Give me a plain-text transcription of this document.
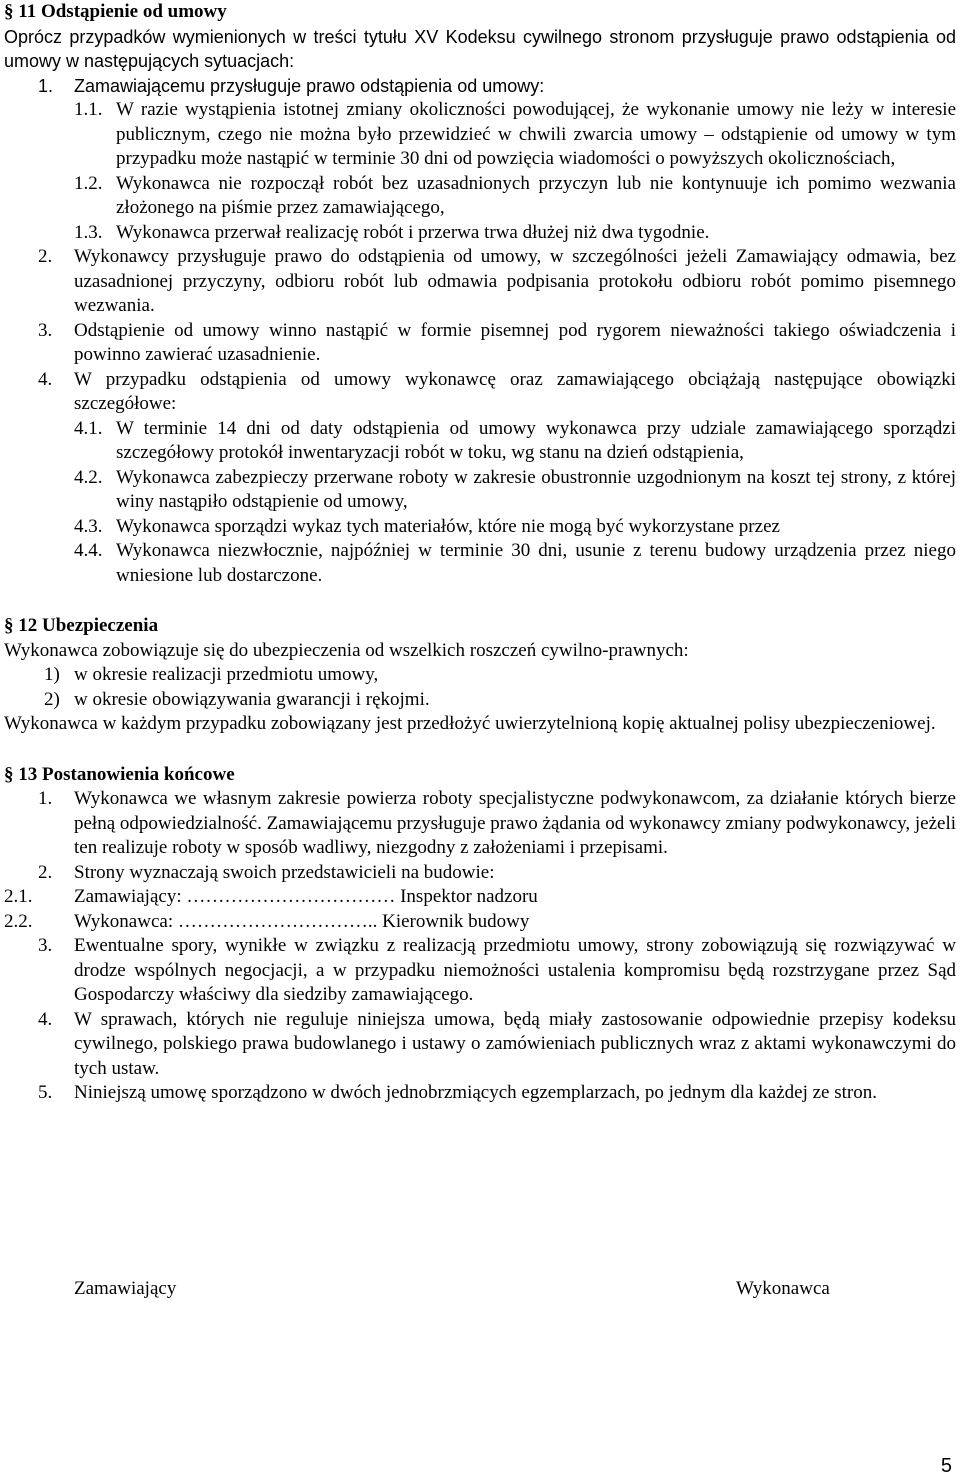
§ 11 Odstąpienie od umowy

Oprócz przypadków wymienionych w treści tytułu XV Kodeksu cywilnego stronom przysługuje prawo odstąpienia od umowy w następujących sytuacjach:

1. Zamawiającemu przysługuje prawo odstąpienia od umowy:
1.1. W razie wystąpienia istotnej zmiany okoliczności powodującej, że wykonanie umowy nie leży w interesie publicznym, czego nie można było przewidzieć w chwili zwarcia umowy – odstąpienie od umowy w tym przypadku może nastąpić w terminie 30 dni od powzięcia wiadomości o powyższych okolicznościach,
1.2. Wykonawca nie rozpoczął robót bez uzasadnionych przyczyn lub nie kontynuuje ich pomimo wezwania złożonego na piśmie przez zamawiającego,
1.3. Wykonawca przerwał realizację robót i przerwa trwa dłużej niż dwa tygodnie.
2. Wykonawcy przysługuje prawo do odstąpienia od umowy, w szczególności jeżeli Zamawiający odmawia, bez uzasadnionej przyczyny, odbioru robót lub odmawia podpisania protokołu odbioru robót pomimo pisemnego wezwania.
3. Odstąpienie od umowy winno nastąpić w formie pisemnej pod rygorem nieważności takiego oświadczenia i powinno zawierać uzasadnienie.
4. W przypadku odstąpienia od umowy wykonawcę oraz zamawiającego obciążają następujące obowiązki szczegółowe:
4.1. W terminie 14 dni od daty odstąpienia od umowy wykonawca przy udziale zamawiającego sporządzi szczegółowy protokół inwentaryzacji robót w toku, wg stanu na dzień odstąpienia,
4.2. Wykonawca zabezpieczy przerwane roboty w zakresie obustronnie uzgodnionym na koszt tej strony, z której winy nastąpiło odstąpienie od umowy,
4.3. Wykonawca sporządzi wykaz tych materiałów, które nie mogą być wykorzystane przez
4.4. Wykonawca niezwłocznie, najpóźniej w terminie 30 dni, usunie z terenu budowy urządzenia przez niego wniesione lub dostarczone.

§ 12 Ubezpieczenia

Wykonawca zobowiązuje się do ubezpieczenia od wszelkich roszczeń cywilno-prawnych:

1) w okresie realizacji przedmiotu umowy,
2) w okresie obowiązywania gwarancji i rękojmi.

Wykonawca w każdym przypadku zobowiązany jest przedłożyć uwierzytelnioną kopię aktualnej polisy ubezpieczeniowej.

§ 13 Postanowienia końcowe

1. Wykonawca we własnym zakresie powierza roboty specjalistyczne podwykonawcom, za działanie których bierze pełną odpowiedzialność. Zamawiającemu przysługuje prawo żądania od wykonawcy zmiany podwykonawcy, jeżeli ten realizuje roboty w sposób wadliwy, niezgodny z założeniami i przepisami.
2. Strony wyznaczają swoich przedstawicieli na budowie:
2.1. Zamawiający: …………………………… Inspektor nadzoru
2.2. Wykonawca: ………………………….. Kierownik budowy
3. Ewentualne spory, wynikłe w związku z realizacją przedmiotu umowy, strony zobowiązują się rozwiązywać w drodze wspólnych negocjacji, a w przypadku niemożności ustalenia kompromisu będą rozstrzygane przez Sąd Gospodarczy właściwy dla siedziby zamawiającego.
4. W sprawach, których nie reguluje niniejsza umowa, będą miały zastosowanie odpowiednie przepisy kodeksu cywilnego, polskiego prawa budowlanego i ustawy o zamówieniach publicznych wraz z aktami wykonawczymi do tych ustaw.
5. Niniejszą umowę sporządzono w dwóch jednobrzmiących egzemplarzach, po jednym dla każdej ze stron.
Zamawiający	Wykonawca
5
